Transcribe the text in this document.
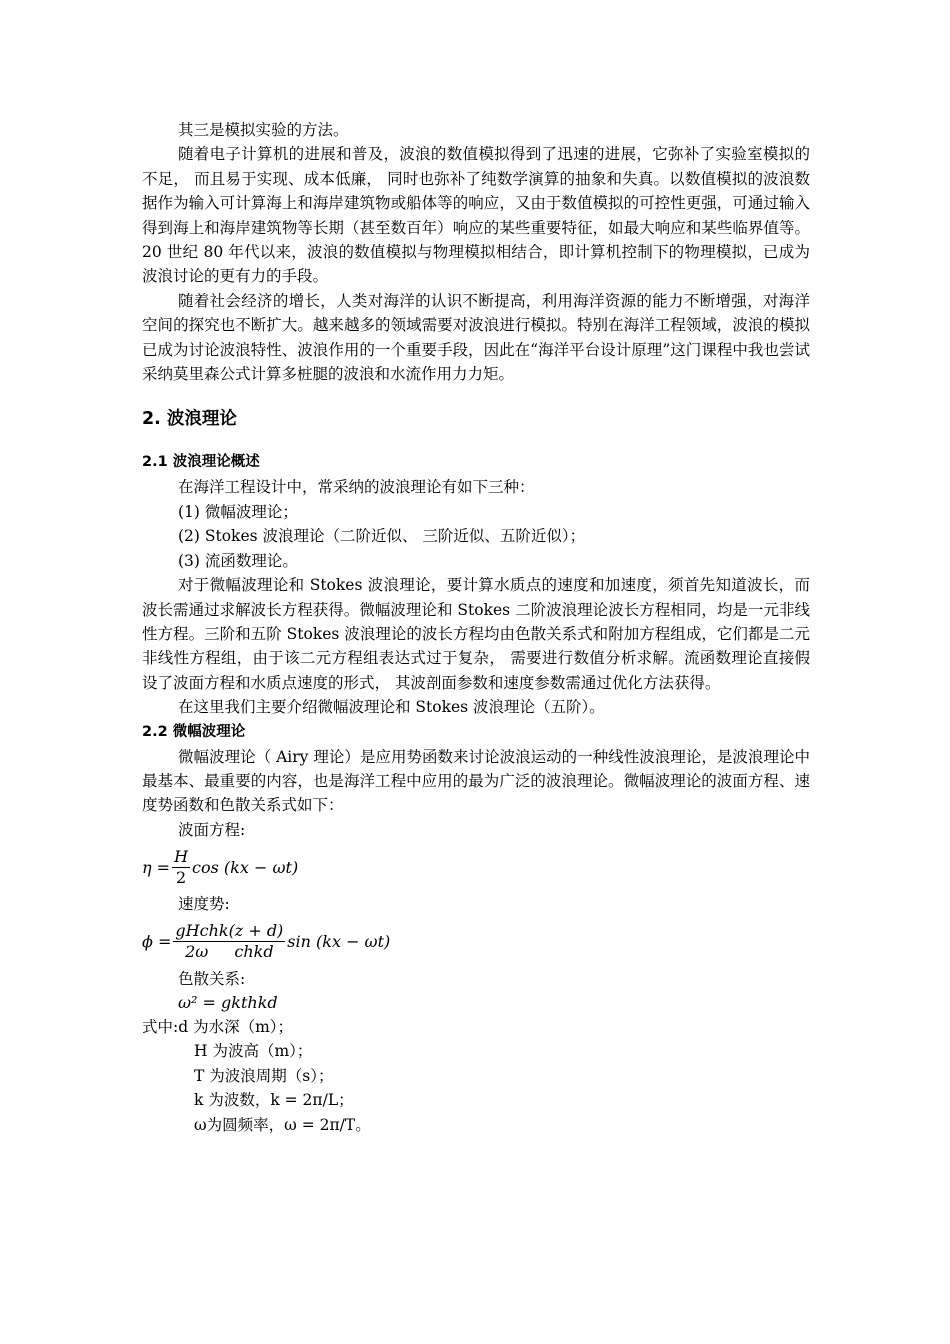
其三是模拟实验的方法。

随着电子计算机的进展和普及，波浪的数值模拟得到了迅速的进展，它弥补了实验室模拟的不足， 而且易于实现、成本低廉， 同时也弥补了纯数学演算的抽象和失真。以数值模拟的波浪数据作为输入可计算海上和海岸建筑物或船体等的响应，又由于数值模拟的可控性更强，可通过输入得到海上和海岸建筑物等长期（甚至数百年）响应的某些重要特征，如最大响应和某些临界值等。 20 世纪 80 年代以来，波浪的数值模拟与物理模拟相结合，即计算机控制下的物理模拟，已成为波浪讨论的更有力的手段。

随着社会经济的增长，人类对海洋的认识不断提高，利用海洋资源的能力不断增强，对海洋空间的探究也不断扩大。越来越多的领域需要对波浪进行模拟。特别在海洋工程领域，波浪的模拟已成为讨论波浪特性、波浪作用的一个重要手段，因此在“海洋平台设计原理”这门课程中我也尝试采纳莫里森公式计算多桩腿的波浪和水流作用力力矩。

2. 波浪理论
2.1 波浪理论概述

在海洋工程设计中，常采纳的波浪理论有如下三种：

(1) 微幅波理论；

(2) Stokes 波浪理论（二阶近似、 三阶近似、五阶近似）；

(3) 流函数理论。

对于微幅波理论和 Stokes 波浪理论，要计算水质点的速度和加速度，须首先知道波长，而波长需通过求解波长方程获得。微幅波理论和 Stokes 二阶波浪理论波长方程相同，均是一元非线性方程。三阶和五阶 Stokes 波浪理论的波长方程均由色散关系式和附加方程组成，它们都是二元非线性方程组，由于该二元方程组表达式过于复杂， 需要进行数值分析求解。流函数理论直接假设了波面方程和水质点速度的形式， 其波剖面参数和速度参数需通过优化方法获得。

在这里我们主要介绍微幅波理论和 Stokes 波浪理论（五阶）。

2.2 微幅波理论

微幅波理论（ Airy 理论）是应用势函数来讨论波浪运动的一种线性波浪理论，是波浪理论中最基本、最重要的内容，也是海洋工程中应用的最为广泛的波浪理论。微幅波理论的波面方程、速度势函数和色散关系式如下：

波面方程:

$\eta = \frac{H}{2}$ cos (kx − ωt)

速度势:

$\phi = \frac{\text{gHchk(z + d)}}{\text{2ω chkd}}$ sin (kx − ωt)

色散关系:

ω² = gkthkd

式中:d 为水深（m）；
H 为波高（m）；
T 为波浪周期（s）；
k 为波数，k = 2π/L；
ω为圆频率，ω = 2π/T。
